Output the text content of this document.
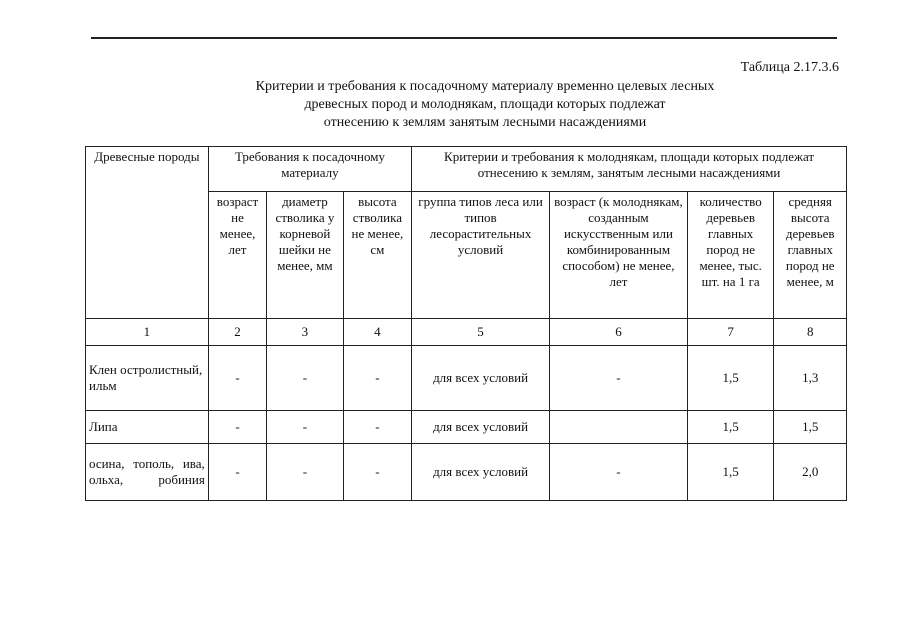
Таблица 2.17.3.6
Критерии и требования к посадочному материалу временно целевых лесных
древесных пород и молоднякам, площади которых подлежат
отнесению к землям занятым лесными насаждениями
Древесные породы	Требования к посадочному материалу			Критерии и требования к молоднякам, площади которых подлежат отнесению к землям, занятым лесными насаждениями			
	возраст не менее, лет	диаметр стволика у корневой шейки не менее, мм	высота стволика не менее, см	группа типов леса или типов лесорастительных условий	возраст (к молоднякам, созданным искусственным или комбинированным способом) не менее, лет	количество деревьев главных пород не менее, тыс. шт. на 1 га	средняя высота деревьев главных пород не менее, м
1	2	3	4	5	6	7	8
Клен остролистный, ильм	-	-	-	для всех условий	-	1,5	1,3
Липа	-	-	-	для всех условий		1,5	1,5
осина, тополь, ива, ольха, робиния	-	-	-	для всех условий	-	1,5	2,0
